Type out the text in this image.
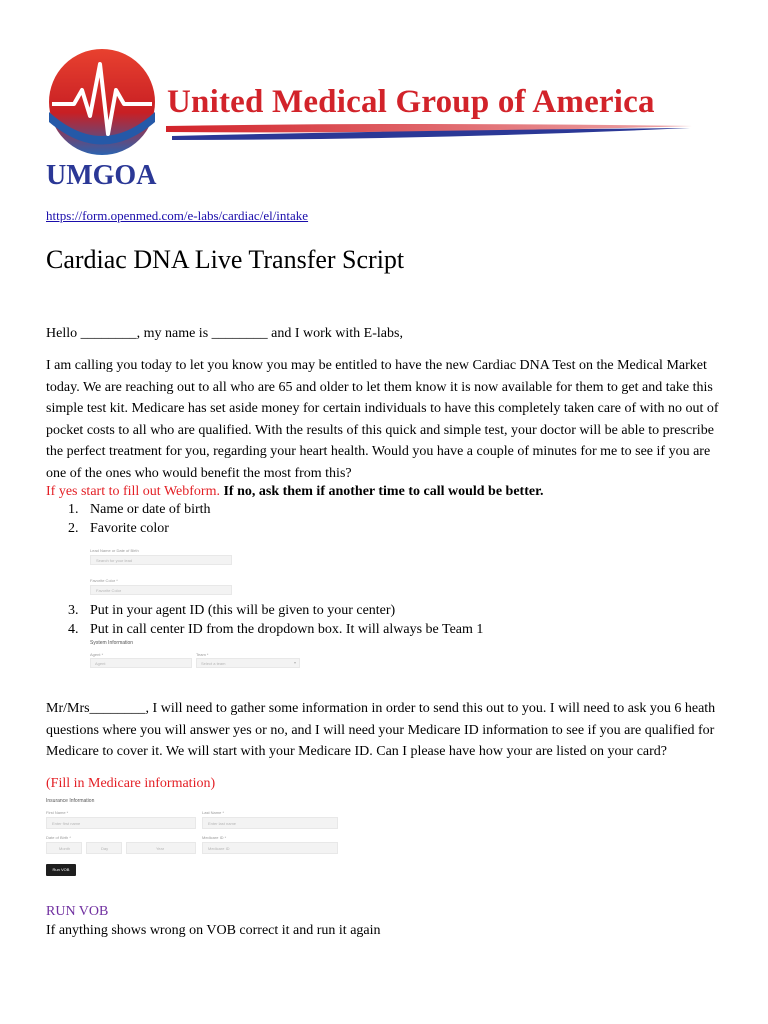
United Medical Group of America
UMGOA
https://form.openmed.com/e-labs/cardiac/el/intake
Cardiac DNA Live Transfer Script
Hello ________, my name is ________ and I work with E-labs,
I am calling you today to let you know you may be entitled to have the new Cardiac DNA Test on the Medical Market today. We are reaching out to all who are 65 and older to let them know it is now available for them to get and take this simple test kit. Medicare has set aside money for certain individuals to have this completely taken care of with no out of pocket costs to all who are qualified. With the results of this quick and simple test, your doctor will be able to prescribe the perfect treatment for you, regarding your heart health. Would you have a couple of minutes for me to see if you are one of the ones who would benefit the most from this?
If yes start to fill out Webform. If no, ask them if another time to call would be better.
1. Name or date of birth
2. Favorite color
Lead Name or Date of Birth
Search for your lead
Favorite Color *
Favorite Color
3. Put in your agent ID (this will be given to your center)
4. Put in call center ID from the dropdown box. It will always be Team 1
System Information
Agent *
Agent
Team *
Select a team	▾
Mr/Mrs________, I will need to gather some information in order to send this out to you. I will need to ask you 6 heath questions where you will answer yes or no, and I will need your Medicare ID information to see if you are qualified for Medicare to cover it. We will start with your Medicare ID. Can I please have how your are listed on your card?
(Fill in Medicare information)
Insurance Information
First Name *
Enter first name
Last Name *
Enter last name
Date of Birth *
Month	Day	Year
Medicare ID *
Medicare ID
Run VOB
RUN VOB
If anything shows wrong on VOB correct it and run it again
